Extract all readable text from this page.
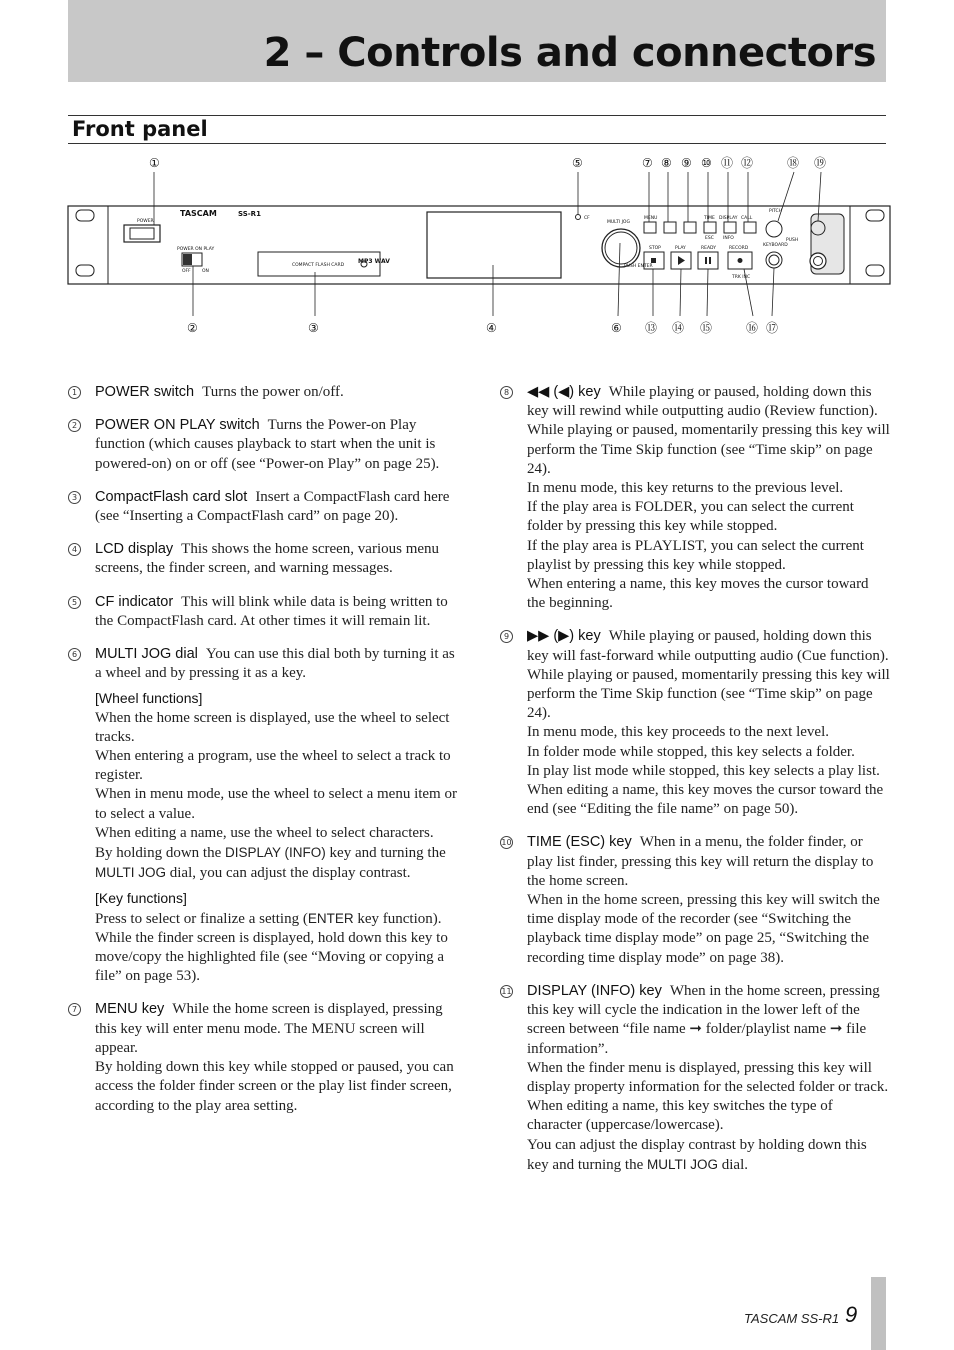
2 – Controls and connectors
Front panel
①	⑤	⑦ ⑧ ⑨ ⑩ ⑪ ⑫	⑱ ⑲
②	③	④	⑥ ⑬ ⑭ ⑮	⑯ ⑰
POWER
POWER ON PLAY
OFF	ON
COMPACT FLASH CARD
CF
MULTI JOG
PUSH ENTER
MENU	TIME DISPLAY CALL
ESC INFO
STOP	PLAY	READY	RECORD
TRK INC
KEYBOARD
PITCH
PUSH
TASCAM	SS-R1
MP3 WAV
1 POWER switch Turns the power on/off.
2 POWER ON PLAY switch Turns the Power-on Play function (which causes playback to start when the unit is powered-on) on or off (see “Power-on Play” on page 25).
3 CompactFlash card slot Insert a CompactFlash card here (see “Inserting a CompactFlash card” on page 20).
4 LCD display This shows the home screen, various menu screens, the finder screen, and warning messages.
5 CF indicator This will blink while data is being written to the CompactFlash card. At other times it will remain lit.
6 MULTI JOG dial You can use this dial both by turning it as a wheel and by pressing it as a key.
[Wheel functions]
When the home screen is displayed, use the wheel to select tracks.
When entering a program, use the wheel to select a track to register.
When in menu mode, use the wheel to select a menu item or to select a value.
When editing a name, use the wheel to select characters.
By holding down the DISPLAY (INFO) key and turning the MULTI JOG dial, you can adjust the display contrast.
[Key functions]
Press to select or finalize a setting (ENTER key function). While the finder screen is displayed, hold down this key to move/copy the highlighted file (see “Moving or copying a file” on page 53).
7 MENU key While the home screen is displayed, pressing this key will enter menu mode. The MENU screen will appear.
By holding down this key while stopped or paused, you can access the folder finder screen or the play list finder screen, according to the play area setting.
8 ◀◀ (◀) key While playing or paused, holding down this key will rewind while outputting audio (Review function).
While playing or paused, momentarily pressing this key will perform the Time Skip function (see “Time skip” on page 24).
In menu mode, this key returns to the previous level.
If the play area is FOLDER, you can select the current folder by pressing this key while stopped.
If the play area is PLAYLIST, you can select the current playlist by pressing this key while stopped.
When entering a name, this key moves the cursor toward the beginning.
9 ▶▶ (▶) key While playing or paused, holding down this key will fast-forward while outputting audio (Cue function).
While playing or paused, momentarily pressing this key will perform the Time Skip function (see “Time skip” on page 24).
In menu mode, this key proceeds to the next level.
In folder mode while stopped, this key selects a folder.
In play list mode while stopped, this key selects a play list.
When editing a name, this key moves the cursor toward the end (see “Editing the file name” on page 50).
10 TIME (ESC) key When in a menu, the folder finder, or play list finder, pressing this key will return the display to the home screen.
When in the home screen, pressing this key will switch the time display mode of the recorder (see “Switching the playback time display mode” on page 25, “Switching the recording time display mode” on page 38).
11 DISPLAY (INFO) key When in the home screen, pressing this key will cycle the indication in the lower left of the screen between “file name ➞ folder/playlist name ➞ file information”.
When the finder menu is displayed, pressing this key will display property information for the selected folder or track.
When editing a name, this key switches the type of character (uppercase/lowercase).
You can adjust the display contrast by holding down this key and turning the MULTI JOG dial.
TASCAM SS-R1 9
